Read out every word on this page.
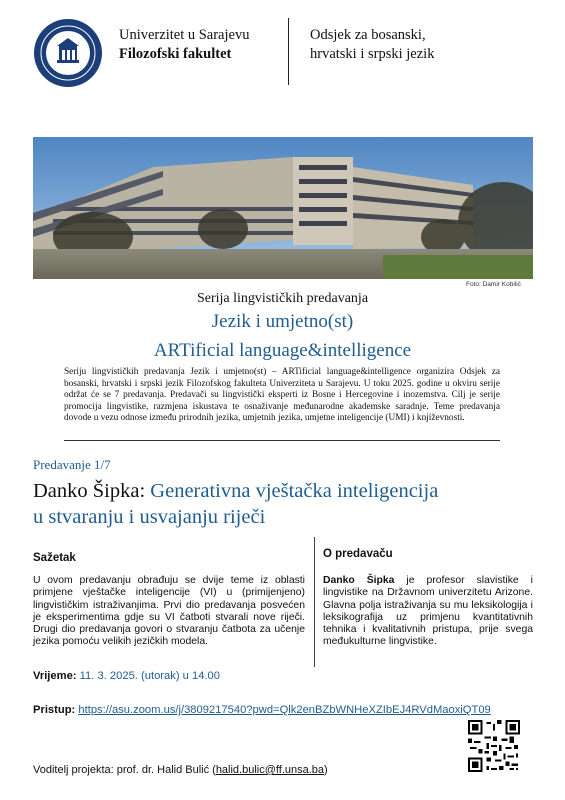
Univerzitet u Sarajevu
Filozofski fakultet
Odsjek za bosanski,
hrvatski i srpski jezik
Foto: Damir Kobilić
Serija lingvističkih predavanja
Jezik i umjetno(st)
ARTificial language&intelligence
Seriju lingvističkih predavanja Jezik i umjetno(st) – ARTificial language&intelligence organizira Odsjek za bosanski, hrvatski i srpski jezik Filozofskog fakulteta Univerziteta u Sarajevu. U toku 2025. godine u okviru serije održat će se 7 predavanja. Predavači su lingvistički eksperti iz Bosne i Hercegovine i inozemstva. Cilj je serije promocija lingvistike, razmjena iskustava te osnaživanje međunarodne akademske saradnje. Teme predavanja dovode u vezu odnose između prirodnih jezika, umjetnih jezika, umjetne inteligencije (UMI) i književnosti.
Predavanje 1/7
Danko Šipka: Generativna vještačka inteligencija
u stvaranju i usvajanju riječi
Sažetak	O predavaču
U ovom predavanju obrađuju se dvije teme iz oblasti primjene vještačke inteligencije (VI) u (primijenjeno) lingvističkim istraživanjima. Prvi dio predavanja posvećen je eksperimentima gdje su VI čatboti stvarali nove riječi. Drugi dio predavanja govori o stvaranju čatbota za učenje jezika pomoću velikih jezičkih modela.
Danko Šipka je profesor slavistike i lingvistike na Državnom univerzitetu Arizone. Glavna polja istraživanja su mu leksikologija i leksikografija uz primjenu kvantitativnih tehnika i kvalitativnih pristupa, prije svega međukulturne lingvistike.
Vrijeme: 11. 3. 2025. (utorak) u 14.00
Pristup: https://asu.zoom.us/j/3809217540?pwd=Qlk2enBZbWNHeXZIbEJ4RVdMaoxiQT09
Voditelj projekta: prof. dr. Halid Bulić (halid.bulic@ff.unsa.ba)
